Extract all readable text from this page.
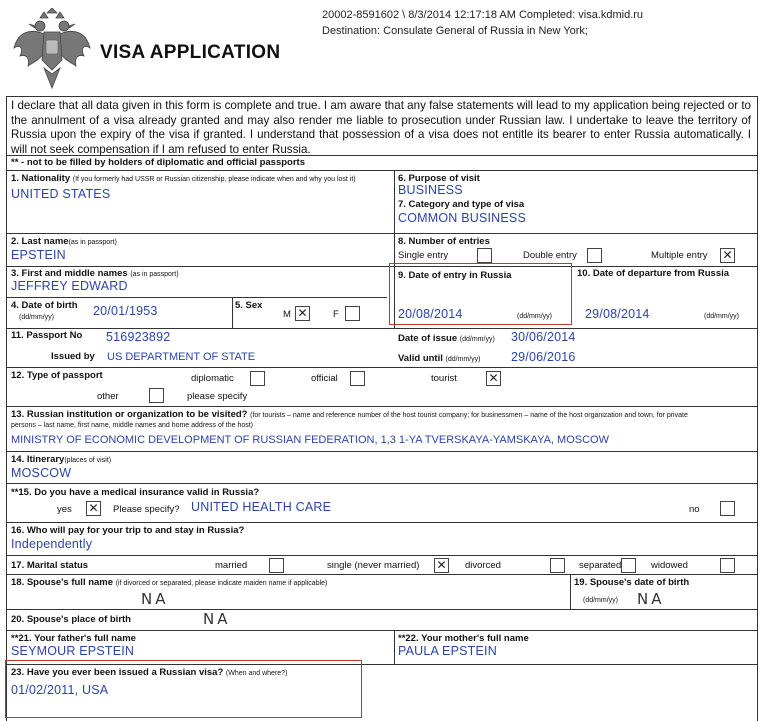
VISA APPLICATION
20002-8591602 \ 8/3/2014 12:17:18 AM Completed: visa.kdmid.ru
Destination: Consulate General of Russia in New York;
I declare that all data given in this form is complete and true. I am aware that any false statements will lead to my application being rejected or to the annulment of a visa already granted and may also render me liable to prosecution under Russian law. I undertake to leave the territory of Russia upon the expiry of the visa if granted. I understand that possession of a visa does not entitle its bearer to enter Russia automatically. I will not seek compensation if I am refused to enter Russia.
** - not to be filled by holders of diplomatic and official passports
1. Nationality (If you formerly had USSR or Russian citizenship, please indicate when and why you lost it)
UNITED STATES
6. Purpose of visit
BUSINESS
7. Category and type of visa
COMMON BUSINESS
2. Last name(as in passport)
EPSTEIN
8. Number of entries
Single entry	Double entry	Multiple entry ✕
3. First and middle names (as in passport)
JEFFREY EDWARD
9. Date of entry in Russia
20/08/2014	(dd/mm/yy)
10. Date of departure from Russia
29/08/2014	(dd/mm/yy)
4. Date of birth
(dd/mm/yy)	20/01/1953	5. Sex
M ✕	F
11. Passport No 516923892
Issued by US DEPARTMENT OF STATE
Date of issue (dd/mm/yy) 30/06/2014
Valid until (dd/mm/yy) 29/06/2016
12. Type of passport	diplomatic	official	tourist	✕
other	please specify
13. Russian institution or organization to be visited? (for tourists – name and reference number of the host tourist company; for businessmen – name of the host organization and town, for private
persons – last name, first name, middle names and home address of the host)
MINISTRY OF ECONOMIC DEVELOPMENT OF RUSSIAN FEDERATION, 1,3 1-YA TVERSKAYA-YAMSKAYA, MOSCOW
14. Itinerary(places of visit)
MOSCOW
**15. Do you have a medical insurance valid in Russia?
yes ✕ Please specify? UNITED HEALTH CARE	no
16. Who will pay for your trip to and stay in Russia?
Independently
17. Marital status	married	single (never married) ✕ divorced	separated	widowed
18. Spouse's full name (if divorced or separated, please indicate maiden name if applicable)
NA
19. Spouse's date of birth
(dd/mm/yy) NA
20. Spouse's place of birth	NA
**21. Your father's full name
SEYMOUR EPSTEIN
**22. Your mother's full name
PAULA EPSTEIN
23. Have you ever been issued a Russian visa? (When and where?)
01/02/2011, USA
